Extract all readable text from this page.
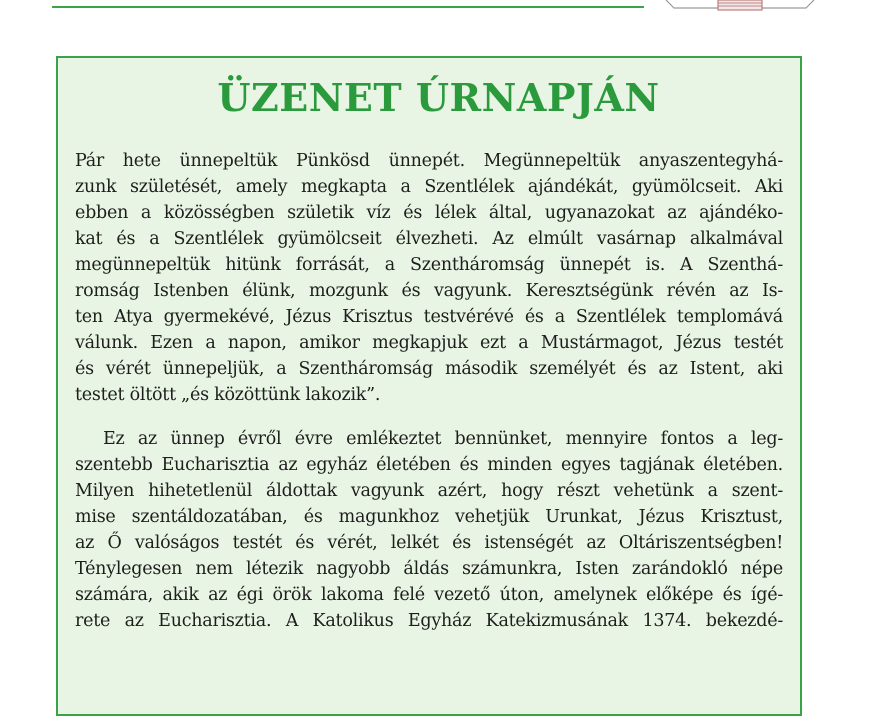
ÜZENET ÚRNAPJÁN
Pár hete ünnepeltük Pünkösd ünnepét. Megünnepeltük anyaszentegyhá-
zunk születését, amely megkapta a Szentlélek ajándékát, gyümölcseit. Aki
ebben a közösségben születik víz és lélek által, ugyanazokat az ajándéko-
kat és a Szentlélek gyümölcseit élvezheti. Az elmúlt vasárnap alkalmával
megünnepeltük hitünk forrását, a Szentháromság ünnepét is. A Szenthá-
romság Istenben élünk, mozgunk és vagyunk. Keresztségünk révén az Is-
ten Atya gyermekévé, Jézus Krisztus testvérévé és a Szentlélek templomává
válunk. Ezen a napon, amikor megkapjuk ezt a Mustármagot, Jézus testét
és vérét ünnepeljük, a Szentháromság második személyét és az Istent, aki
testet öltött „és közöttünk lakozik”.
Ez az ünnep évről évre emlékeztet bennünket, mennyire fontos a leg-
szentebb Eucharisztia az egyház életében és minden egyes tagjának életében.
Milyen hihetetlenül áldottak vagyunk azért, hogy részt vehetünk a szent-
mise szentáldozatában, és magunkhoz vehetjük Urunkat, Jézus Krisztust,
az Ő valóságos testét és vérét, lelkét és istenségét az Oltáriszentségben!
Ténylegesen nem létezik nagyobb áldás számunkra, Isten zarándokló népe
számára, akik az égi örök lakoma felé vezető úton, amelynek előképe és ígé-
rete az Eucharisztia. A Katolikus Egyház Katekizmusának 1374. bekezdé-
